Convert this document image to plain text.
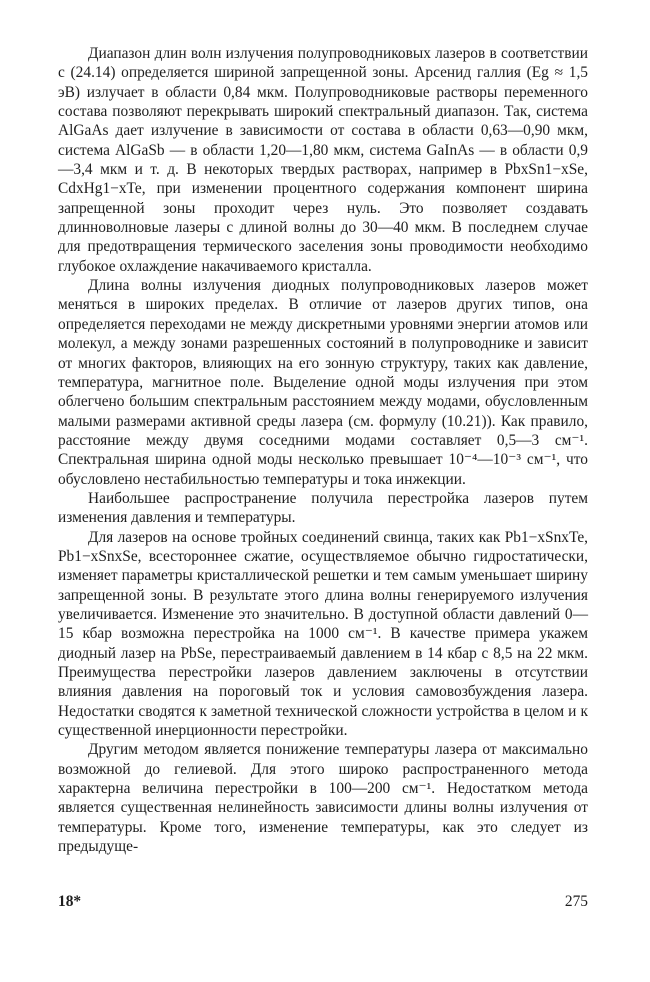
Диапазон длин волн излучения полупроводниковых лазеров в соответствии с (24.14) определяется шириной запрещенной зоны. Арсенид галлия (Eg ≈ 1,5 эВ) излучает в области 0,84 мкм. Полупроводниковые растворы переменного состава позволяют перекрывать широкий спектральный диапазон. Так, система AlGaAs дает излучение в зависимости от состава в области 0,63—0,90 мкм, система AlGaSb — в области 1,20—1,80 мкм, система GaInAs — в области 0,9—3,4 мкм и т. д. В некоторых твердых растворах, например в PbxSn1−xSe, CdxHg1−xTe, при изменении процентного содержания компонент ширина запрещенной зоны проходит через нуль. Это позволяет создавать длинноволновые лазеры с длиной волны до 30—40 мкм. В последнем случае для предотвращения термического заселения зоны проводимости необходимо глубокое охлаждение накачиваемого кристалла.

Длина волны излучения диодных полупроводниковых лазеров может меняться в широких пределах. В отличие от лазеров других типов, она определяется переходами не между дискретными уровнями энергии атомов или молекул, а между зонами разрешенных состояний в полупроводнике и зависит от многих факторов, влияющих на его зонную структуру, таких как давление, температура, магнитное поле. Выделение одной моды излучения при этом облегчено большим спектральным расстоянием между модами, обусловленным малыми размерами активной среды лазера (см. формулу (10.21)). Как правило, расстояние между двумя соседними модами составляет 0,5—3 см⁻¹. Спектральная ширина одной моды несколько превышает 10⁻⁴—10⁻³ см⁻¹, что обусловлено нестабильностью температуры и тока инжекции.

Наибольшее распространение получила перестройка лазеров путем изменения давления и температуры.

Для лазеров на основе тройных соединений свинца, таких как Pb1−xSnxTe, Pb1−xSnxSe, всестороннее сжатие, осуществляемое обычно гидростатически, изменяет параметры кристаллической решетки и тем самым уменьшает ширину запрещенной зоны. В результате этого длина волны генерируемого излучения увеличивается. Изменение это значительно. В доступной области давлений 0—15 кбар возможна перестройка на 1000 см⁻¹. В качестве примера укажем диодный лазер на PbSe, перестраиваемый давлением в 14 кбар с 8,5 на 22 мкм. Преимущества перестройки лазеров давлением заключены в отсутствии влияния давления на пороговый ток и условия самовозбуждения лазера. Недостатки сводятся к заметной технической сложности устройства в целом и к существенной инерционности перестройки.

Другим методом является понижение температуры лазера от максимально возможной до гелиевой. Для этого широко распространенного метода характерна величина перестройки в 100—200 см⁻¹. Недостатком метода является существенная нелинейность зависимости длины волны излучения от температуры. Кроме того, изменение температуры, как это следует из предыдуще-

18*	275
